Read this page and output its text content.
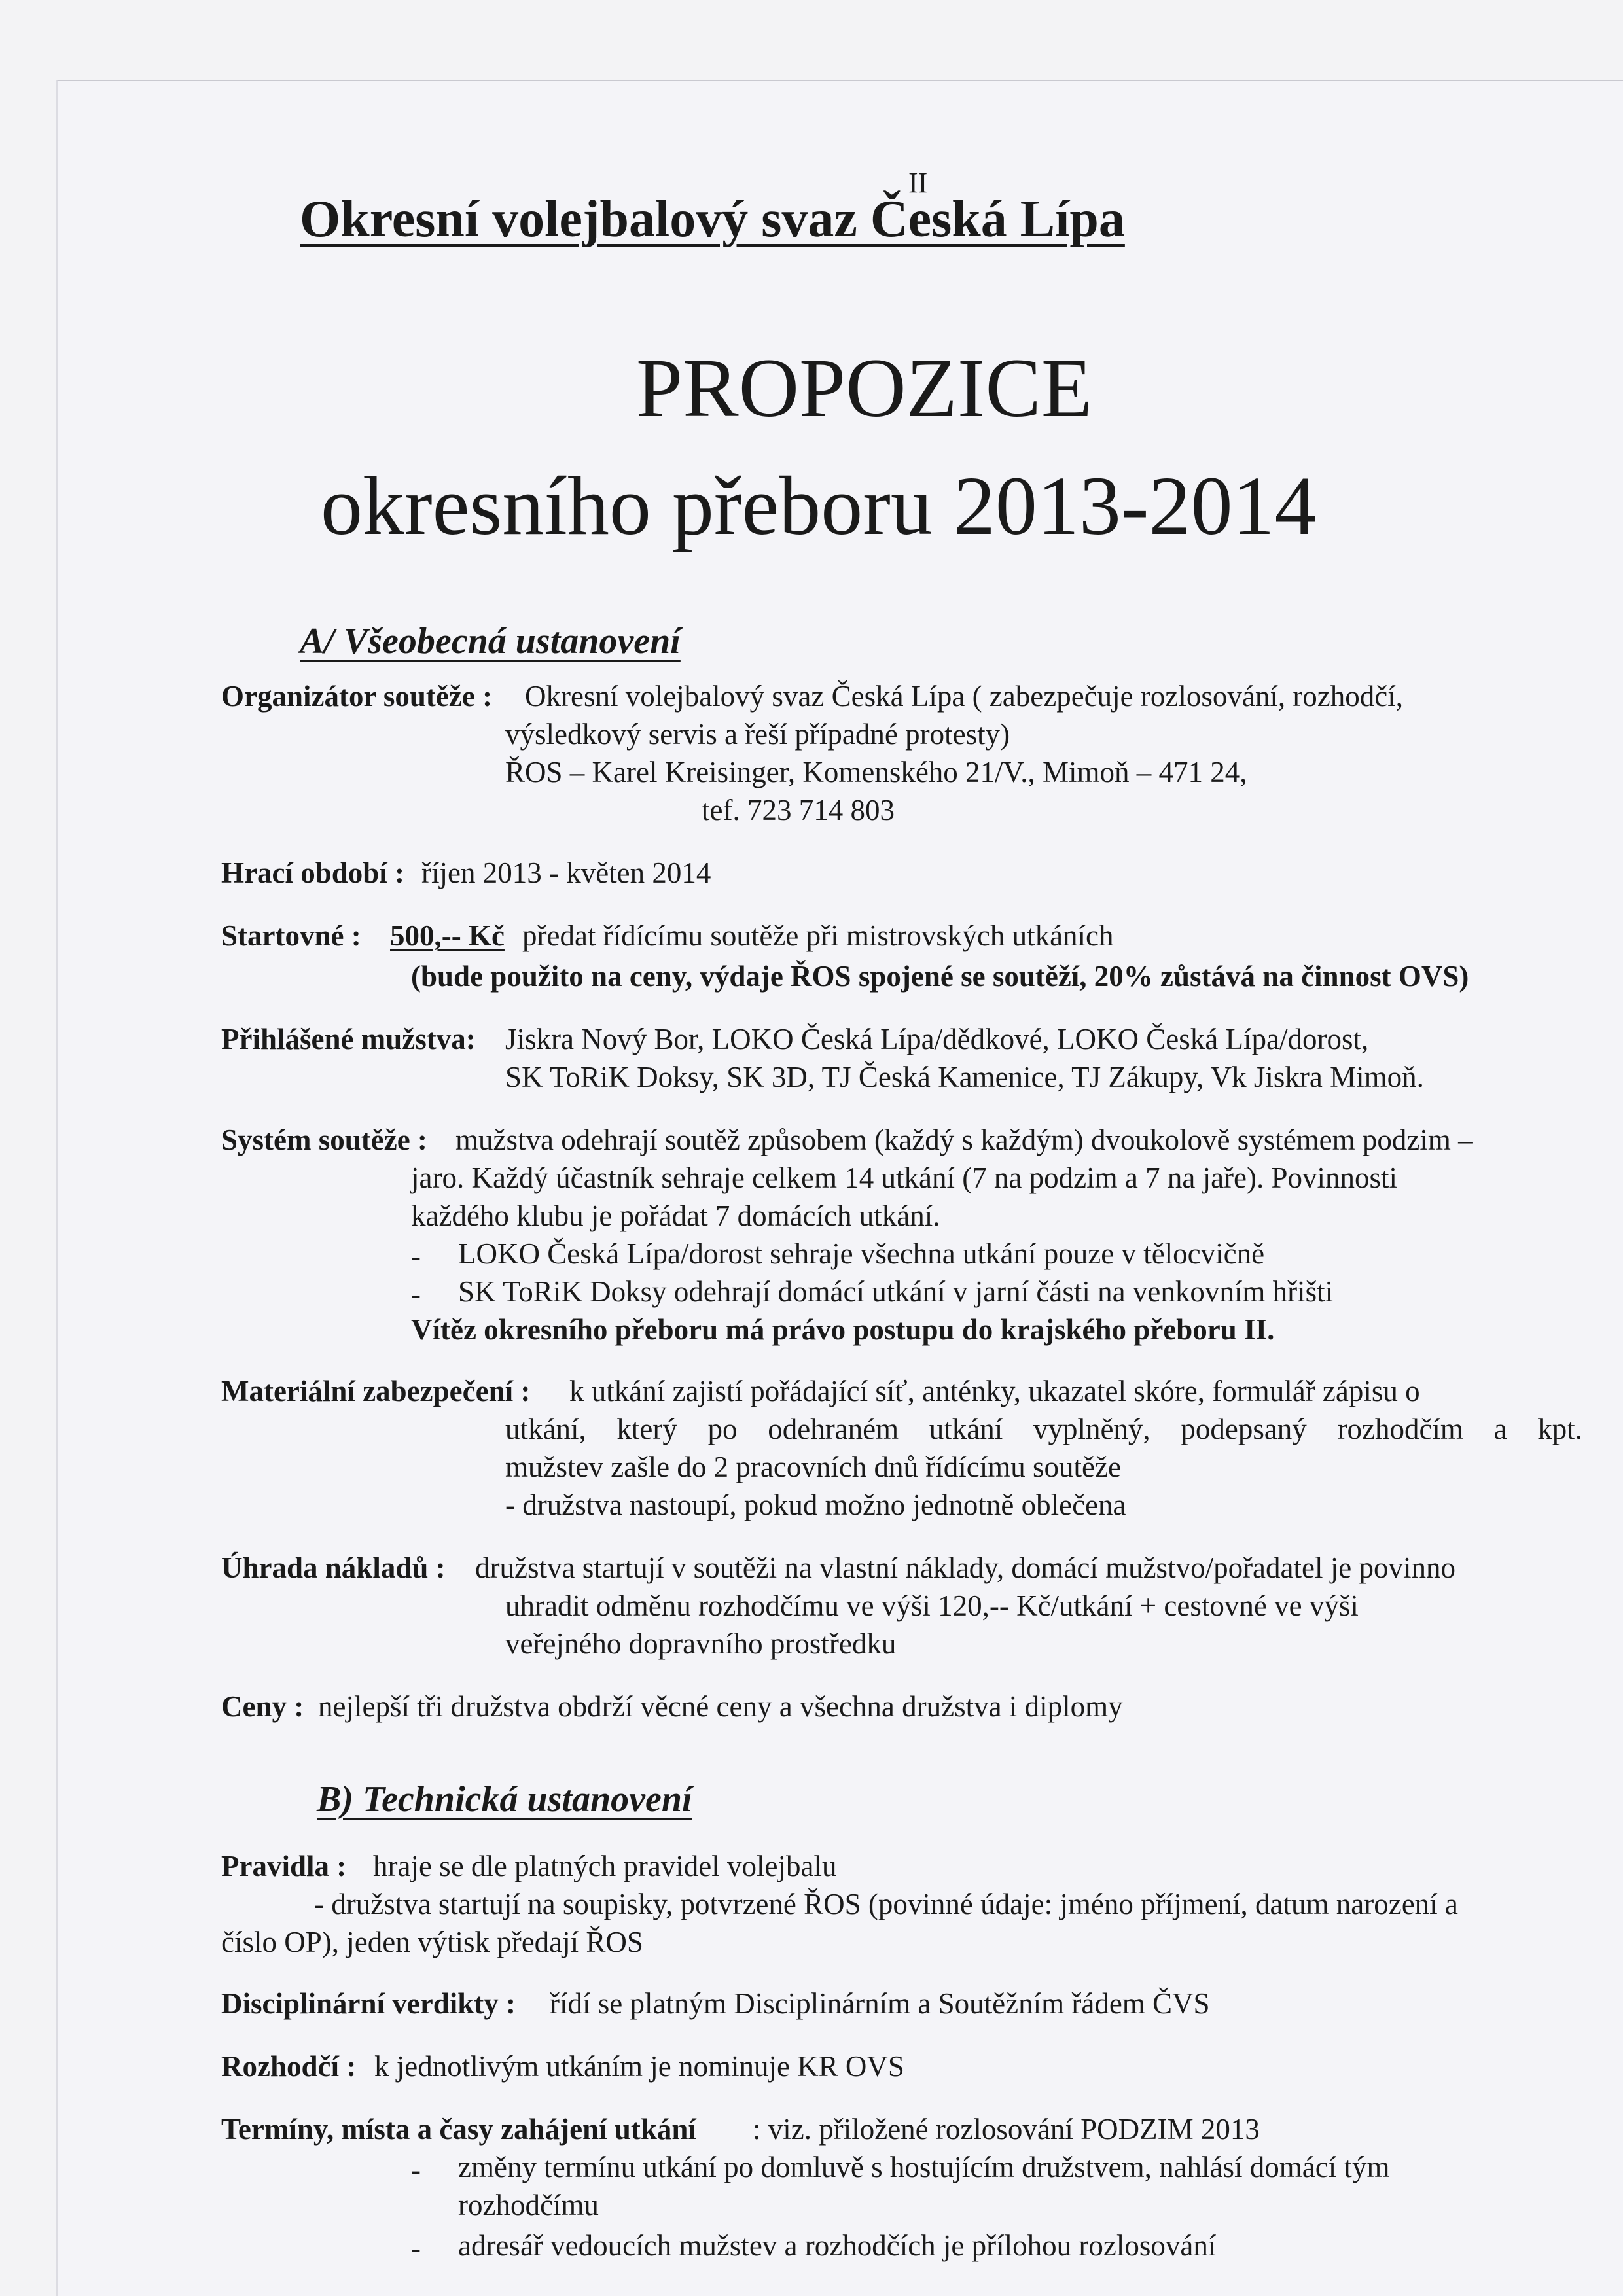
II
Okresní volejbalový svaz Česká Lípa
PROPOZICE
okresního přeboru 2013-2014
A/ Všeobecná ustanovení
Organizátor soutěže : Okresní volejbalový svaz Česká Lípa ( zabezpečuje rozlosování, rozhodčí,
výsledkový servis a řeší případné protesty)
ŘOS – Karel Kreisinger, Komenského 21/V., Mimoň – 471 24,
tef. 723 714 803
Hrací období : říjen 2013 - květen 2014
Startovné : 500,-- Kč předat řídícímu soutěže při mistrovských utkáních
(bude použito na ceny, výdaje ŘOS spojené se soutěží, 20% zůstává na činnost OVS)
Přihlášené mužstva: Jiskra Nový Bor, LOKO Česká Lípa/dědkové, LOKO Česká Lípa/dorost,
SK ToRiK Doksy, SK 3D, TJ Česká Kamenice, TJ Zákupy, Vk Jiskra Mimoň.
Systém soutěže : mužstva odehrají soutěž způsobem (každý s každým) dvoukolově systémem podzim –
jaro. Každý účastník sehraje celkem 14 utkání (7 na podzim a 7 na jaře). Povinnosti
každého klubu je pořádat 7 domácích utkání.
- LOKO Česká Lípa/dorost sehraje všechna utkání pouze v tělocvičně
- SK ToRiK Doksy odehrají domácí utkání v jarní části na venkovním hřišti
Vítěz okresního přeboru má právo postupu do krajského přeboru II.
Materiální zabezpečení : k utkání zajistí pořádající síť, anténky, ukazatel skóre, formulář zápisu o
utkání, který po odehraném utkání vyplněný, podepsaný rozhodčím a kpt.
mužstev zašle do 2 pracovních dnů řídícímu soutěže
- družstva nastoupí, pokud možno jednotně oblečena
Úhrada nákladů : družstva startují v soutěži na vlastní náklady, domácí mužstvo/pořadatel je povinno
uhradit odměnu rozhodčímu ve výši 120,-- Kč/utkání + cestovné ve výši
veřejného dopravního prostředku
Ceny : nejlepší tři družstva obdrží věcné ceny a všechna družstva i diplomy
B) Technická ustanovení
Pravidla : hraje se dle platných pravidel volejbalu
- družstva startují na soupisky, potvrzené ŘOS (povinné údaje: jméno příjmení, datum narození a
číslo OP), jeden výtisk předají ŘOS
Disciplinární verdikty : řídí se platným Disciplinárním a Soutěžním řádem ČVS
Rozhodčí : k jednotlivým utkáním je nominuje KR OVS
Termíny, místa a časy zahájení utkání : viz. přiložené rozlosování PODZIM 2013
- změny termínu utkání po domluvě s hostujícím družstvem, nahlásí domácí tým
rozhodčímu
- adresář vedoucích mužstev a rozhodčích je přílohou rozlosování
